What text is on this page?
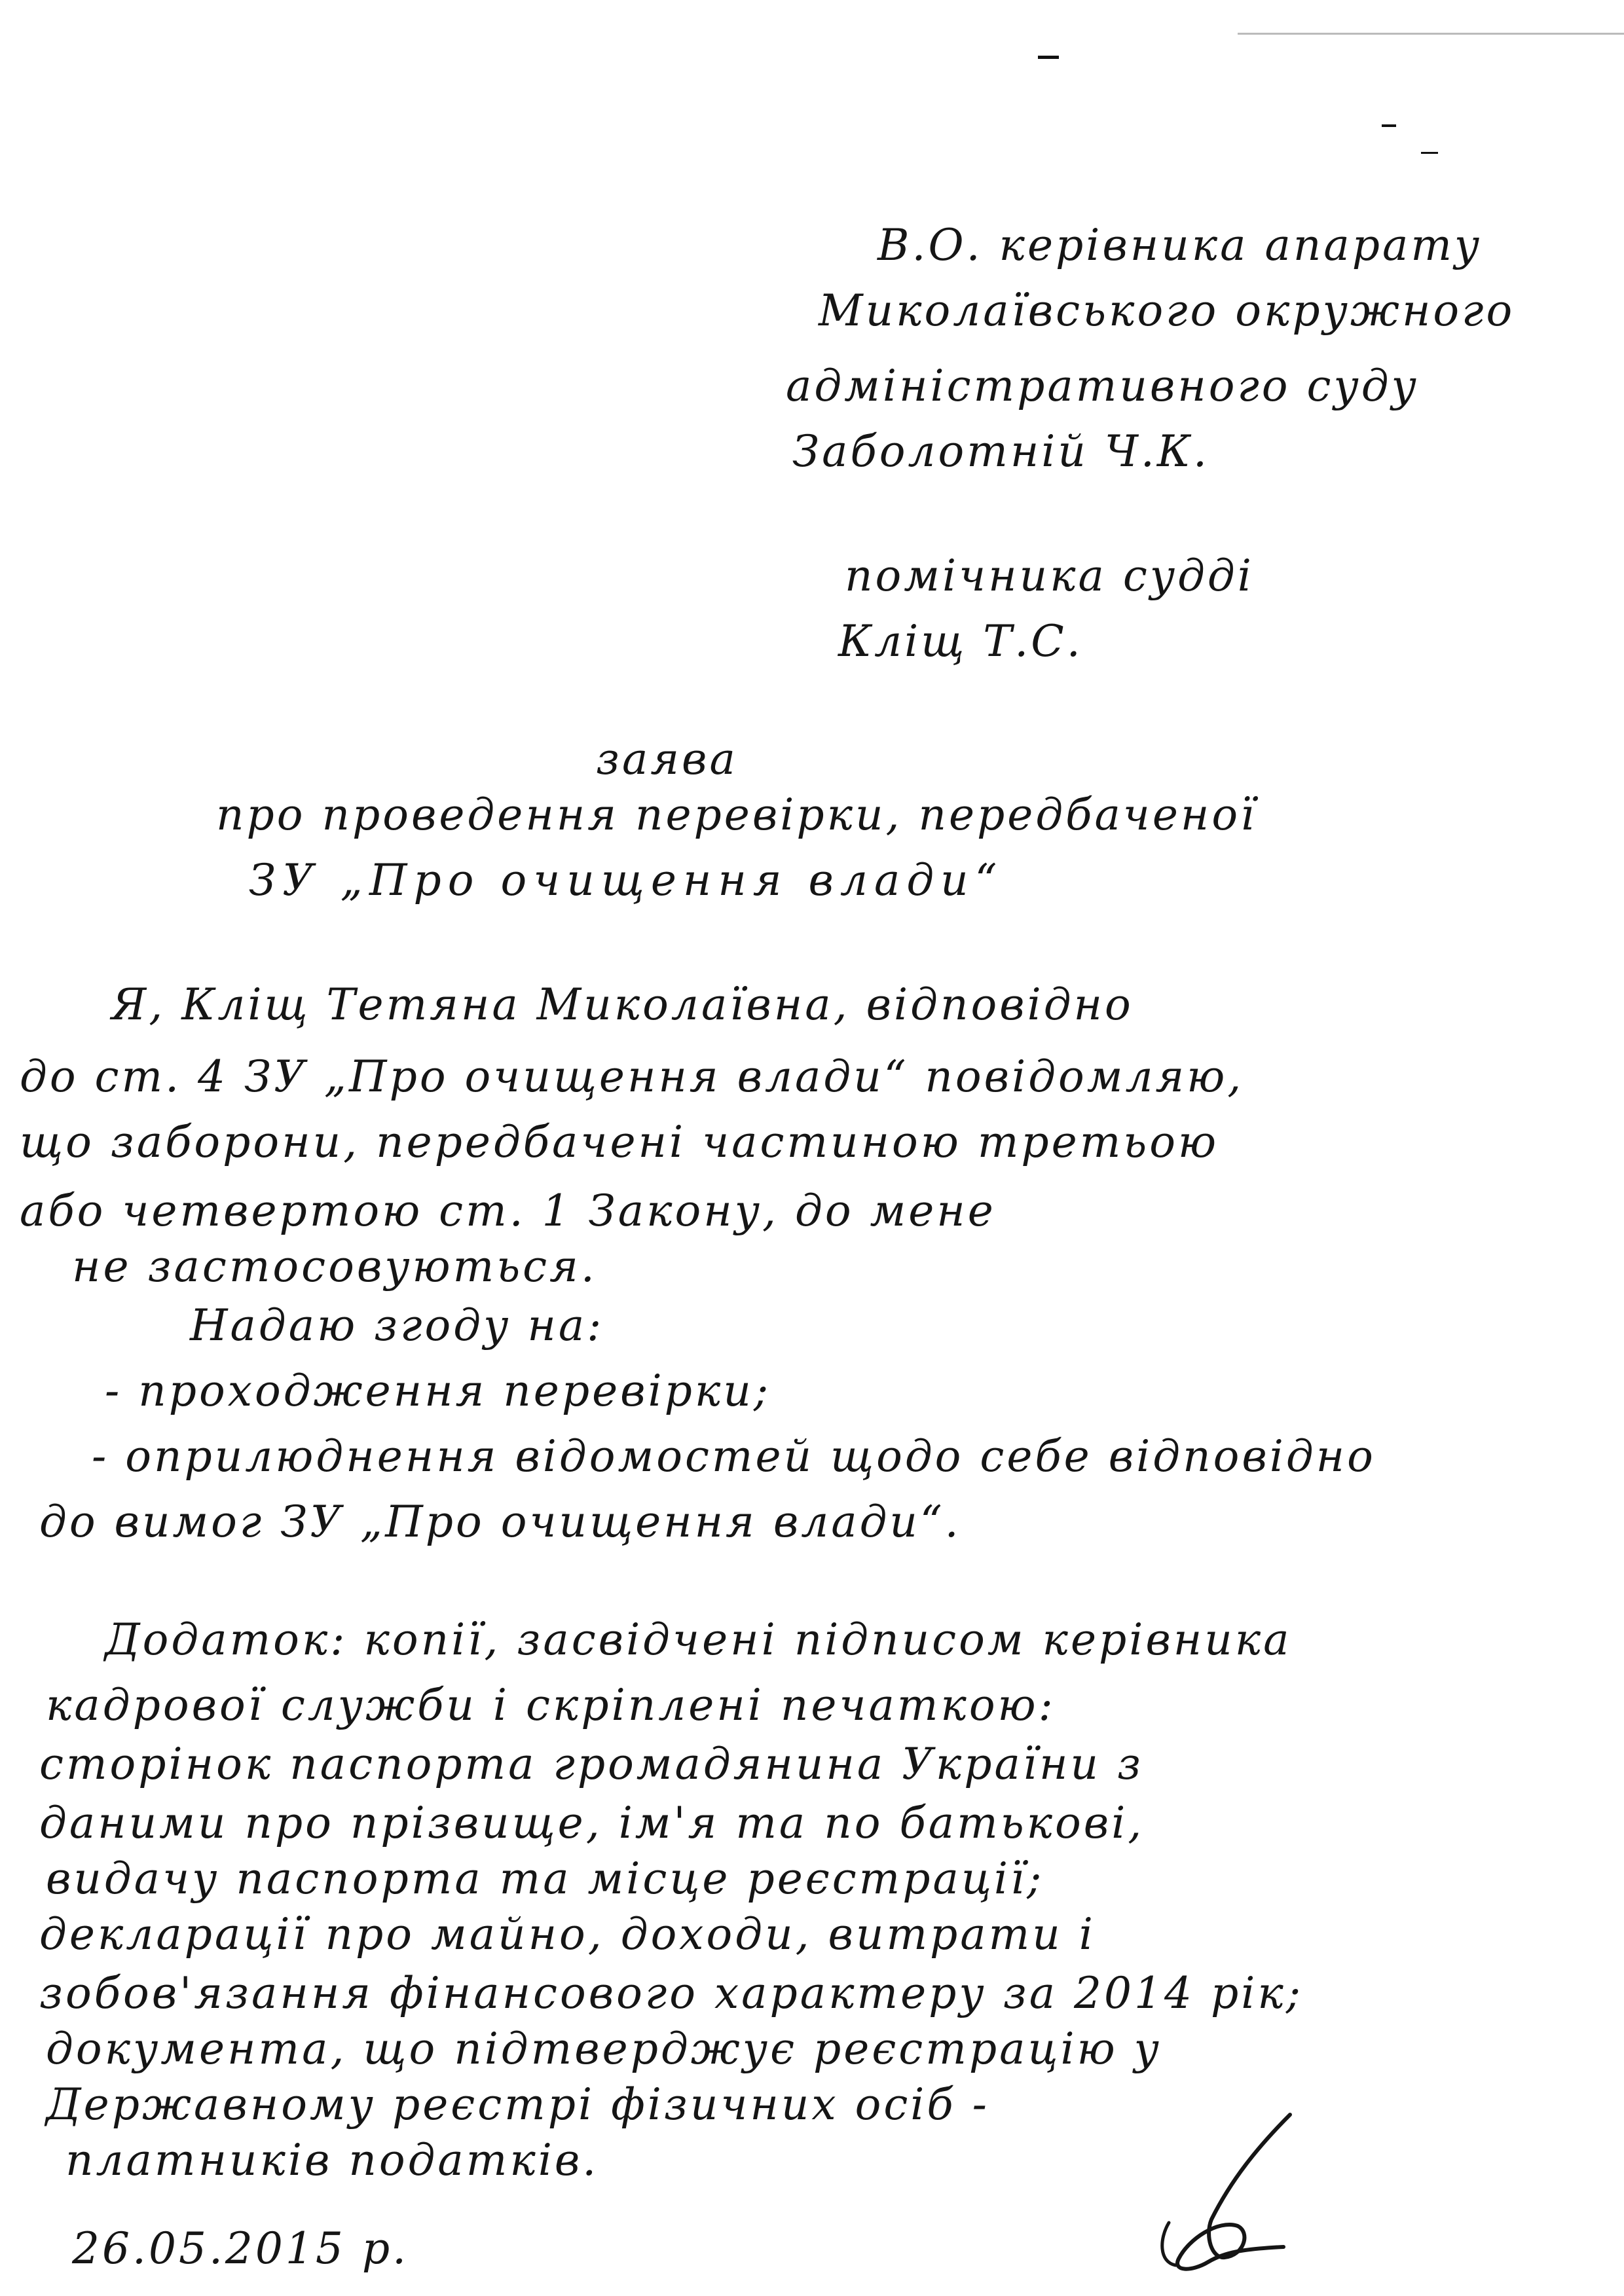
В.О. керівника апарату

Миколаївського окружного

адміністративного суду

Заболотній Ч.К.

помічника судді

Кліщ Т.С.

заява

про проведення перевірки, передбаченої

ЗУ „Про очищення влади“

Я, Кліщ Тетяна Миколаївна, відповідно

до ст. 4 ЗУ „Про очищення влади“ повідомляю,

що заборони, передбачені частиною третьою

або четвертою ст. 1 Закону, до мене

не застосовуються.

Надаю згоду на:

- проходження перевірки;

- оприлюднення відомостей щодо себе відповідно

до вимог ЗУ „Про очищення влади“.

Додаток: копії, засвідчені підписом керівника

кадрової служби і скріплені печаткою:

сторінок паспорта громадянина України з

даними про прізвище, ім'я та по батькові,

видачу паспорта та місце реєстрації;

декларації про майно, доходи, витрати і

зобов'язання фінансового характеру за 2014 рік;

документа, що підтверджує реєстрацію у

Державному реєстрі фізичних осіб -

платників податків.

26.05.2015 р.
